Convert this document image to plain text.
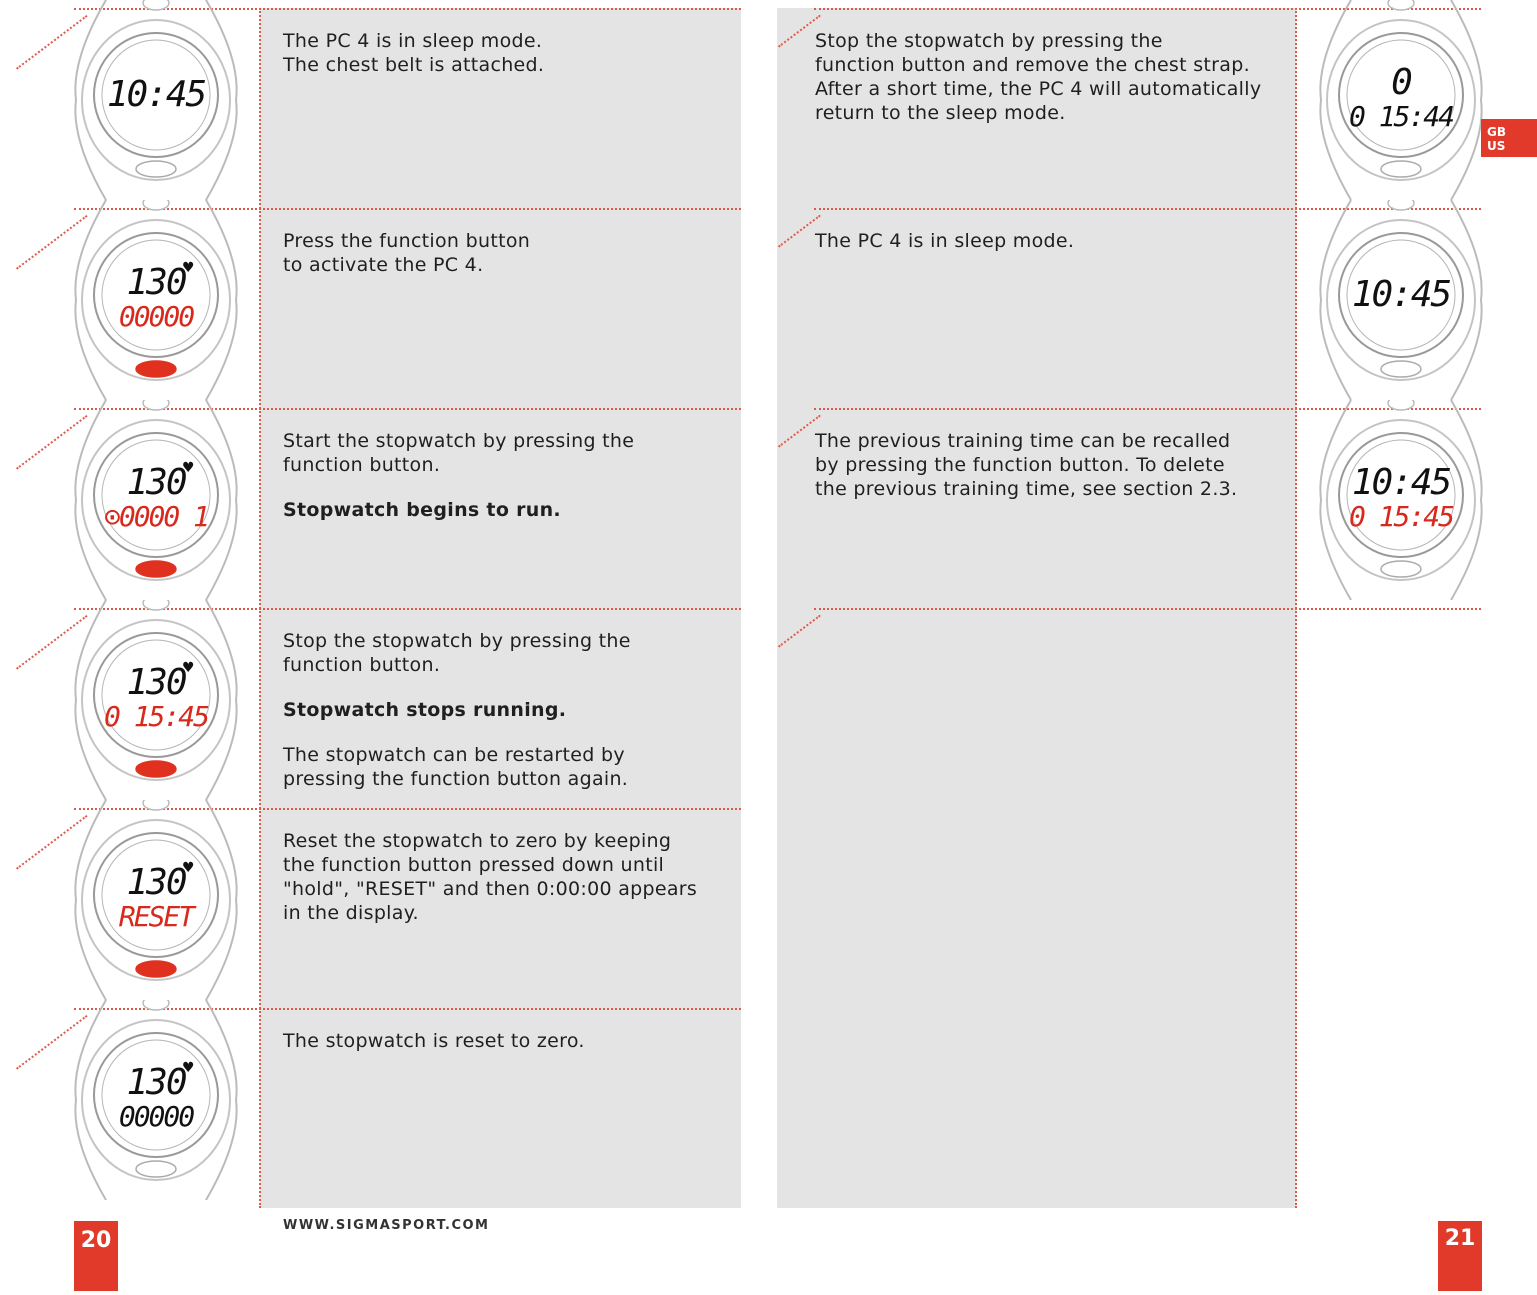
The PC 4 is in sleep mode.
The chest belt is attached.

Press the function button
to activate the PC 4.

Start the stopwatch by pressing the
function button.

Stopwatch begins to run.

Stop the stopwatch by pressing the
function button.

Stopwatch stops running.

The stopwatch can be restarted by
pressing the function button again.

Reset the stopwatch to zero by keeping
the function button pressed down until
"hold", "RESET" and then 0:00:00 appears
in the display.

The stopwatch is reset to zero.

Stop the stopwatch by pressing the
function button and remove the chest strap.
After a short time, the PC 4 will automatically
return to the sleep mode.

The PC 4 is in sleep mode.

The previous training time can be recalled
by pressing the function button. To delete
the previous training time, see section 2.3.

10:45
130
00000
♥
130
⊙0000 1
♥
130
0 15:45
♥
130
RESET
♥
130
00000
♥
0
0 15:44
10:45
10:45
0 15:45
WWW.SIGMASPORT.COM
20	21
GB
US
